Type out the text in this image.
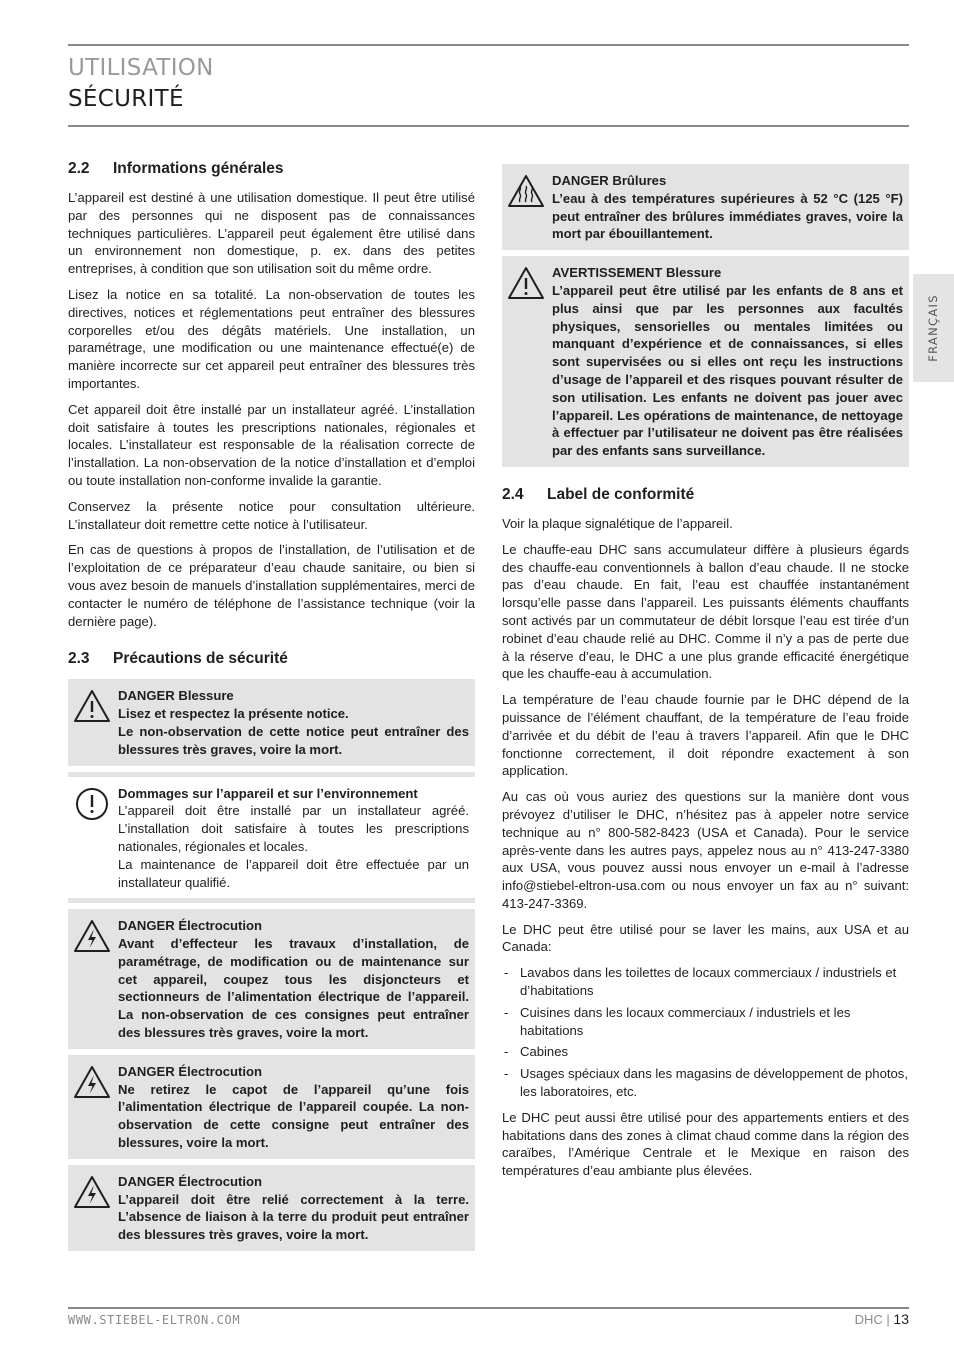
UTILISATION
SÉCURITÉ
FRANÇAIS
2.2 Informations générales

L’appareil est destiné à une utilisation domestique. Il peut être utilisé par des personnes qui ne disposent pas de connaissances techniques particulières. L’appareil peut également être utilisé dans un environnement non domestique, p. ex. dans des petites entreprises, à condition que son utilisation soit du même ordre.

Lisez la notice en sa totalité. La non-observation de toutes les directives, notices et réglementations peut entraîner des blessures corporelles et/ou des dégâts matériels. Une installation, un paramétrage, une modification ou une maintenance effectué(e) de manière incorrecte sur cet appareil peut entraîner des blessures très importantes.

Cet appareil doit être installé par un installateur agréé. L’installation doit satisfaire à toutes les prescriptions nationales, régionales et locales. L’installateur est responsable de la réalisation correcte de l’installation. La non-observation de la notice d’installation et d’emploi ou toute installation non-conforme invalide la garantie.

Conservez la présente notice pour consultation ultérieure. L’installateur doit remettre cette notice à l’utilisateur.

En cas de questions à propos de l’installation, de l’utilisation et de l’exploitation de ce préparateur d’eau chaude sanitaire, ou bien si vous avez besoin de manuels d’installation supplémentaires, merci de contacter le numéro de téléphone de l’assistance technique (voir la dernière page).

2.3 Précautions de sécurité
DANGER Blessure
Lisez et respectez la présente notice.
Le non-observation de cette notice peut entraîner des blessures très graves, voire la mort.
Dommages sur l’appareil et sur l’environnement
L’appareil doit être installé par un installateur agréé. L’installation doit satisfaire à toutes les prescriptions nationales, régionales et locales.
La maintenance de l’appareil doit être effectuée par un installateur qualifié.
DANGER Électrocution
Avant d’effecteur les travaux d’installation, de paramétrage, de modification ou de maintenance sur cet appareil, coupez tous les disjoncteurs et sectionneurs de l’alimentation électrique de l’appareil. La non-observation de ces consignes peut entraîner des blessures très graves, voire la mort.
DANGER Électrocution
Ne retirez le capot de l’appareil qu’une fois l’alimentation électrique de l’appareil coupée. La non-observation de cette consigne peut entraîner des blessures, voire la mort.
DANGER Électrocution
L’appareil doit être relié correctement à la terre. L’absence de liaison à la terre du produit peut entraîner des blessures très graves, voire la mort.
DANGER Brûlures
L’eau à des températures supérieures à 52 °C (125 °F) peut entraîner des brûlures immédiates graves, voire la mort par ébouillantement.
AVERTISSEMENT Blessure
L’appareil peut être utilisé par les enfants de 8 ans et plus ainsi que par les personnes aux facultés physiques, sensorielles ou mentales limitées ou manquant d’expérience et de connaissances, si elles sont supervisées ou si elles ont reçu les instructions d’usage de l’appareil et des risques pouvant résulter de son utilisation. Les enfants ne doivent pas jouer avec l’appareil. Les opérations de maintenance, de nettoyage à effectuer par l’utilisateur ne doivent pas être réalisées par des enfants sans surveillance.
2.4 Label de conformité

Voir la plaque signalétique de l’appareil.

Le chauffe-eau DHC sans accumulateur diffère à plusieurs égards des chauffe-eau conventionnels à ballon d’eau chaude. Il ne stocke pas d’eau chaude. En fait, l’eau est chauffée instantanément lorsqu’elle passe dans l’appareil. Les puissants éléments chauffants sont activés par un commutateur de débit lorsque l’eau est tirée d’un robinet d’eau chaude relié au DHC. Comme il n’y a pas de perte due à la réserve d’eau, le DHC a une plus grande efficacité énergétique que les chauffe-eau à accumulation.

La température de l’eau chaude fournie par le DHC dépend de la puissance de l’élément chauffant, de la température de l’eau froide d’arrivée et du débit de l’eau à travers l’appareil. Afin que le DHC fonctionne correctement, il doit répondre exactement à son application.

Au cas où vous auriez des questions sur la manière dont vous prévoyez d’utiliser le DHC, n’hésitez pas à appeler notre service technique au n° 800-582-8423 (USA et Canada). Pour le service après-vente dans les autres pays, appelez nous au n° 413-247-3380 aux USA, vous pouvez aussi nous envoyer un e-mail à l’adresse info@stiebel-eltron-usa.com ou nous envoyer un fax au n° suivant: 413-247-3369.

Le DHC peut être utilisé pour se laver les mains, aux USA et au Canada:

- Lavabos dans les toilettes de locaux commerciaux / industriels et d’habitations
- Cuisines dans les locaux commerciaux / industriels et les habitations
- Cabines
- Usages spéciaux dans les magasins de développement de photos, les laboratoires, etc.

Le DHC peut aussi être utilisé pour des appartements entiers et des habitations dans des zones à climat chaud comme dans la région des caraïbes, l’Amérique Centrale et le Mexique en raison des températures d’eau ambiante plus élevées.

WWW.STIEBEL-ELTRON.COM	DHC | 13
